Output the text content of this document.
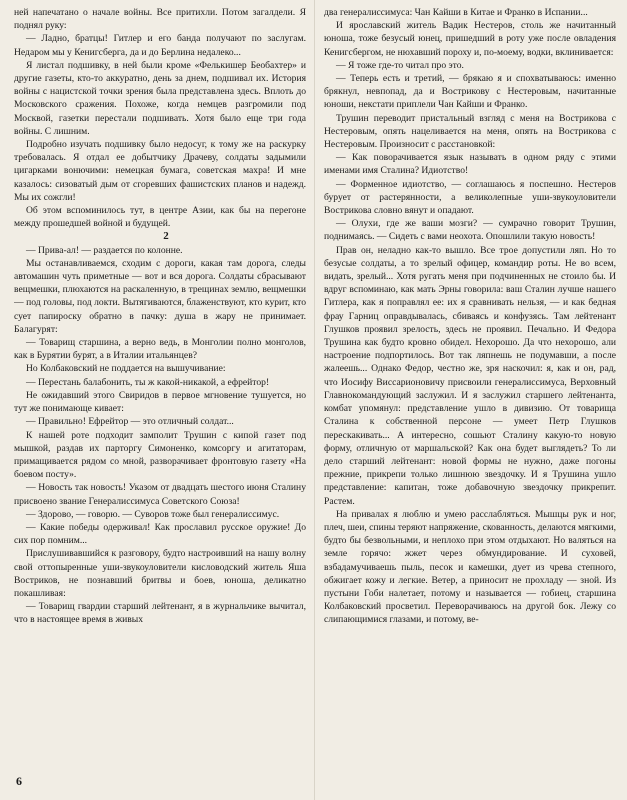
ней напечатано о начале войны. Все притихли. Потом загалдели. Я поднял руку:

— Ладно, братцы! Гитлер и его банда получают по заслугам. Недаром мы у Кенигсберга, да и до Берлина недалеко...

Я листал подшивку, в ней были кроме «Фелькишер Беобахтер» и другие газеты, кто-то аккуратно, день за днем, подшивал их. История войны с нацистской точки зрения была представлена здесь. Вплоть до Московского сражения. Похоже, когда немцев разгромили под Москвой, газетки перестали подшивать. Хотя было еще три года войны. С лишним.

Подробно изучать подшивку было недосуг, к тому же на раскурку требовалась. Я отдал ее добытчику Драчеву, солдаты задымили цигарками вонючими: немецкая бумага, советская махра! И мне казалось: сизоватый дым от сгоревших фашистских планов и надежд. Мы их сожгли!

Об этом вспоминилось тут, в центре Азии, как бы на перегоне между прошедшей войной и будущей.

2

— Прива-ал! — раздается по колонне.

Мы останавливаемся, сходим с дороги, какая там дорога, следы автомашин чуть приметные — вот и вся дорога. Солдаты сбрасывают вещмешки, плюхаются на раскаленную, в трещинах землю, вещмешки — под головы, под локти. Вытягиваются, блаженствуют, кто курит, кто сует папироску обратно в пачку: душа в жару не принимает. Балагурят:

— Товарищ старшина, а верно ведь, в Монголии полно монголов, как в Бурятии бурят, а в Италии итальянцев?

Но Колбаковский не поддается на вышучивание:

— Перестань балабонить, ты ж какой-никакой, а ефрейтор!

Не ожидавший этого Свиридов в первое мгновение тушуется, но тут же понимающе кивает:

— Правильно! Ефрейтор — это отличный солдат...

К нашей роте подходит замполит Трушин с кипой газет под мышкой, раздав их парторгу Симоненко, комсоргу и агитаторам, примащивается рядом со мной, разворачивает фронтовую газету «На боевом посту».

— Новость так новость! Указом от двадцать шестого июня Сталину присвоено звание Генералиссимуса Советского Союза!

— Здорово, — говорю. — Суворов тоже был генералиссимус.

— Какие победы одерживал! Как прославил русское оружие! До сих пор помним...

Прислушивавшийся к разговору, будто настроивший на нашу волну свой оттопыренные уши-звукоуловители кисловодский житель Яша Востриков, не познавший бритвы и боев, юноша, деликатно покашливая:

— Товарищ гвардии старший лейтенант, я в журнальчике вычитал, что в настоящее время в живых

два генералиссимуса: Чан Кайши в Китае и Франко в Испании...

И ярославский житель Вадик Нестеров, столь же начитанный юноша, тоже безусый юнец, пришедший в роту уже после овладения Кенигсбергом, не нюхавший пороху и, по-моему, водки, вклинивается:

— Я тоже где-то читал про это.

— Теперь есть и третий, — брякаю я и спохватываюсь: именно брякнул, невпопад, да и Вострикову с Нестеровым, начитанные юноши, некстати приплели Чан Кайши и Франко.

Трушин переводит пристальный взгляд с меня на Вострикова с Нестеровым, опять нацеливается на меня, опять на Вострикова с Нестеровым. Произносит с расстановкой:

— Как поворачивается язык называть в одном ряду с этими именами имя Сталина? Идиотство!

— Форменное идиотство, — соглашаюсь я поспешно. Нестеров бурует от растерянности, а великолепные уши-звукоуловители Вострикова словно вянут и опадают.

— Олухи, где же ваши мозги? — сумрачно говорит Трушин, поднимаясь. — Сидеть с вами неохота. Опошлили такую новость!

Прав он, неладно как-то вышло. Все трое допустили ляп. Но то безусые солдаты, а то зрелый офицер, командир роты. Не во всем, видать, зрелый... Хотя ругать меня при подчиненных не стоило бы. И вдруг вспоминаю, как мать Эрны говорила: ваш Сталин лучше нашего Гитлера, как я поправлял ее: их я сравнивать нельзя, — и как бедная фрау Гарниц оправдывалась, сбиваясь и конфузясь. Там лейтенант Глушков проявил зрелость, здесь не проявил. Печально. И Федора Трушина как будто кровно обидел. Нехорошо. Да что нехорошо, али настроение подпортилось. Вот так ляпнешь не подумавши, а после жалеешь... Однако Федор, честно же, зря наскочил: я, как и он, рад, что Иосифу Виссарионовичу присвоили генералиссимуса, Верховный Главнокомандующий заслужил. И я заслужил старшего лейтенанта, комбат упомянул: представление ушло в дивизию. От товарища Сталина к собственной персоне — умеет Петр Глушков перескакивать... А интересно, сошьют Сталину какую-то новую форму, отличную от маршальской? Как она будет выглядеть? То ли дело старший лейтенант: новой формы не нужно, даже погоны прежние, прикрепи только лишнюю звездочку. И я Трушина ушло представление: капитан, тоже добавочную звездочку прикрепит. Растем.

На привалах я люблю и умею расслабляться. Мышцы рук и ног, плеч, шеи, спины теряют напряжение, скованность, делаются мягкими, будто бы безвольными, и неплохо при этом отдыхают. Но валяться на земле горячо: жжет через обмундирование. И суховей, взбадамучиваешь пыль, песок и камешки, дует из чрева степного, обжигает кожу и легкие. Ветер, а приносит не прохладу — зной. Из пустыни Гоби налетает, потому и называется — гобиец, старшина Колбаковский просветил. Переворачиваюсь на другой бок. Лежу со слипающимися глазами, и потому, ве-

6
